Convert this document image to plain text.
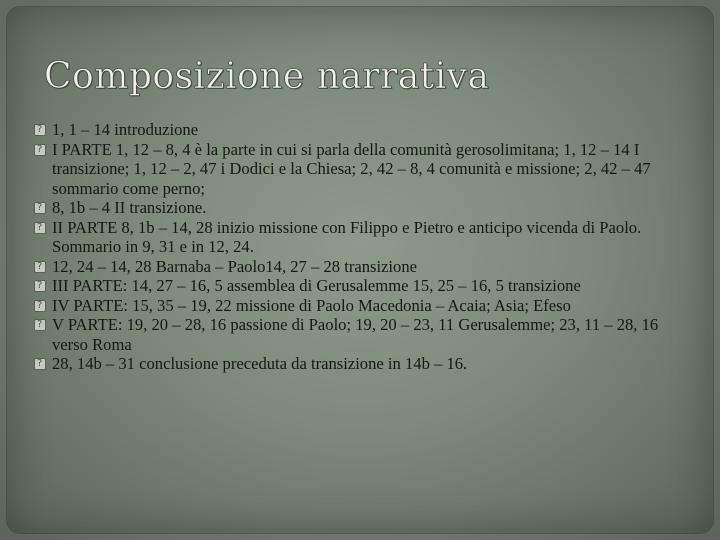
Composizione narrativa
?
1, 1 – 14 introduzione
?
I PARTE 1, 12 – 8, 4 è la parte in cui si parla della comunità gerosolimitana; 1, 12 – 14 I transizione; 1, 12 – 2, 47 i Dodici e la Chiesa; 2, 42 – 8, 4 comunità e missione; 2, 42 – 47 sommario come perno;
?
8, 1b – 4 II transizione.
?
II PARTE 8, 1b – 14, 28 inizio missione con Filippo e Pietro e anticipo vicenda di Paolo. Sommario in 9, 31 e in 12, 24.
?
12, 24 – 14, 28 Barnaba – Paolo14, 27 – 28 transizione
?
III PARTE: 14, 27 – 16, 5 assemblea di Gerusalemme 15, 25 – 16, 5 transizione
?
IV PARTE: 15, 35 – 19, 22 missione di Paolo Macedonia – Acaia; Asia; Efeso
?
V PARTE: 19, 20 – 28, 16 passione di Paolo; 19, 20 – 23, 11 Gerusalemme; 23, 11 – 28, 16 verso Roma
?
28, 14b – 31 conclusione preceduta da transizione in 14b – 16.
